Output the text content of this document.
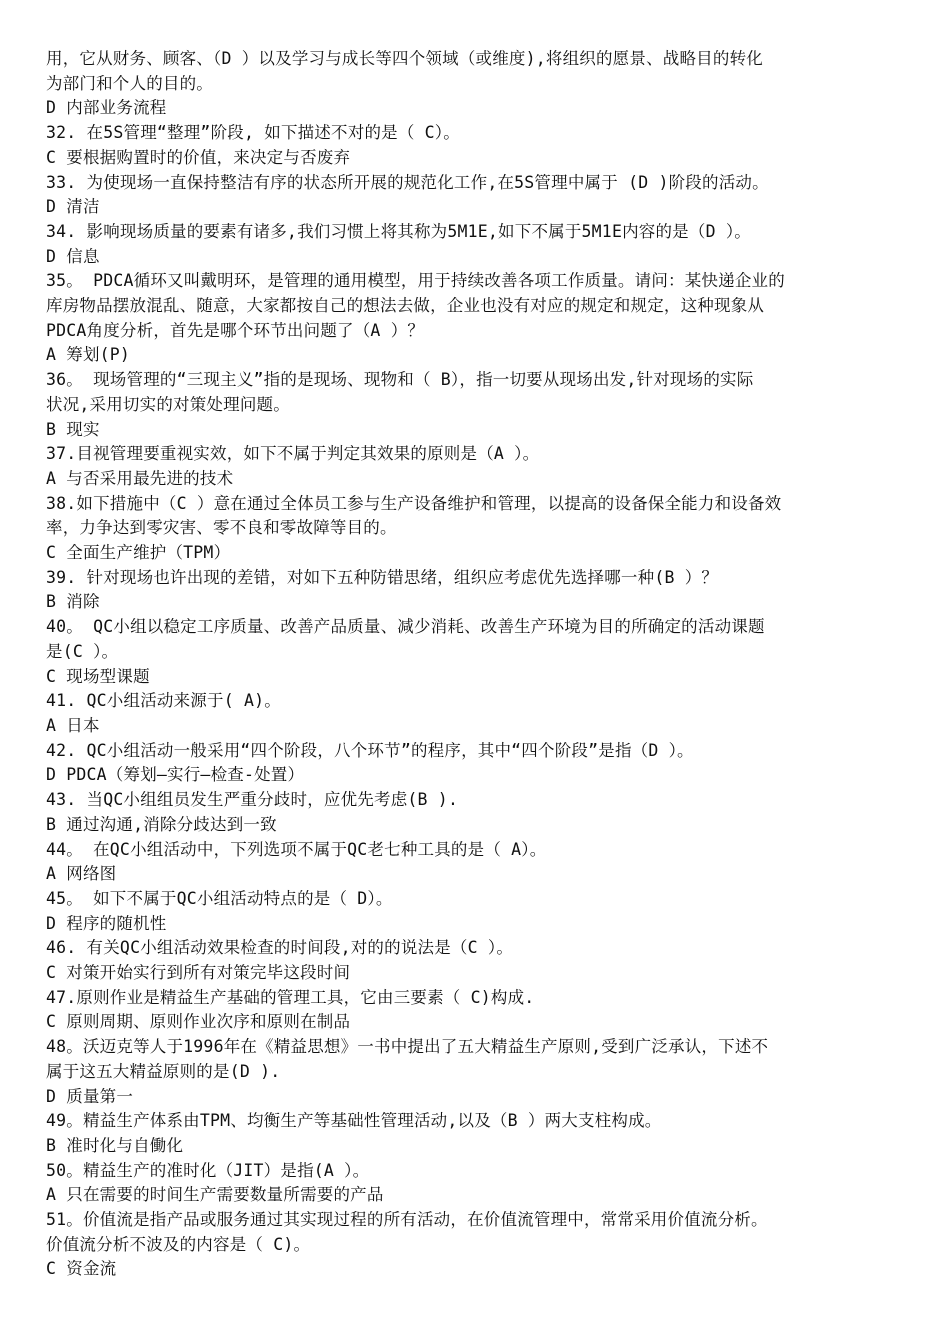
用，它从财务、顾客、（D ）以及学习与成长等四个领域（或维度),将组织的愿景、战略目的转化
为部门和个人的目的。
D 内部业务流程
32. 在5S管理“整理”阶段, 如下描述不对的是（ C）。
C 要根据购置时的价值，来决定与否废弃
33. 为使现场一直保持整洁有序的状态所开展的规范化工作,在5S管理中属于 (D )阶段的活动。
D 清洁
34. 影响现场质量的要素有诸多,我们习惯上将其称为5M1E,如下不属于5M1E内容的是（D ）。
D 信息
35。 PDCA循环又叫戴明环，是管理的通用模型，用于持续改善各项工作质量。请问：某快递企业的
库房物品摆放混乱、随意，大家都按自己的想法去做，企业也没有对应的规定和规定，这种现象从
PDCA角度分析，首先是哪个环节出问题了（A ）？
A 筹划(P)
36。 现场管理的“三现主义”指的是现场、现物和（ B），指一切要从现场出发,针对现场的实际
状况,采用切实的对策处理问题。
B 现实
37.目视管理要重视实效，如下不属于判定其效果的原则是（A ）。
A 与否采用最先进的技术
38.如下措施中（C ）意在通过全体员工参与生产设备维护和管理，以提高的设备保全能力和设备效
率，力争达到零灾害、零不良和零故障等目的。
C 全面生产维护（TPM）
39. 针对现场也许出现的差错，对如下五种防错思绪，组织应考虑优先选择哪一种(B ）？
B 消除
40。 QC小组以稳定工序质量、改善产品质量、减少消耗、改善生产环境为目的所确定的活动课题
是(C ）。
C 现场型课题
41. QC小组活动来源于( A)。
A 日本
42. QC小组活动一般采用“四个阶段，八个环节”的程序，其中“四个阶段”是指（D ）。
D PDCA（筹划—实行—检查-处置）
43. 当QC小组组员发生严重分歧时，应优先考虑(B ).
B 通过沟通,消除分歧达到一致
44。 在QC小组活动中，下列选项不属于QC老七种工具的是（ A）。
A 网络图
45。 如下不属于QC小组活动特点的是（ D）。
D 程序的随机性
46. 有关QC小组活动效果检查的时间段,对的的说法是（C ）。
C 对策开始实行到所有对策完毕这段时间
47.原则作业是精益生产基础的管理工具，它由三要素（ C)构成.
C 原则周期、原则作业次序和原则在制品
48。沃迈克等人于1996年在《精益思想》一书中提出了五大精益生产原则,受到广泛承认，下述不
属于这五大精益原则的是(D ).
D 质量第一
49。精益生产体系由TPM、均衡生产等基础性管理活动,以及（B ）两大支柱构成。
B 准时化与自働化
50。精益生产的准时化（JIT）是指(A ）。
A 只在需要的时间生产需要数量所需要的产品
51。价值流是指产品或服务通过其实现过程的所有活动，在价值流管理中，常常采用价值流分析。
价值流分析不波及的内容是（ C)。
C 资金流
